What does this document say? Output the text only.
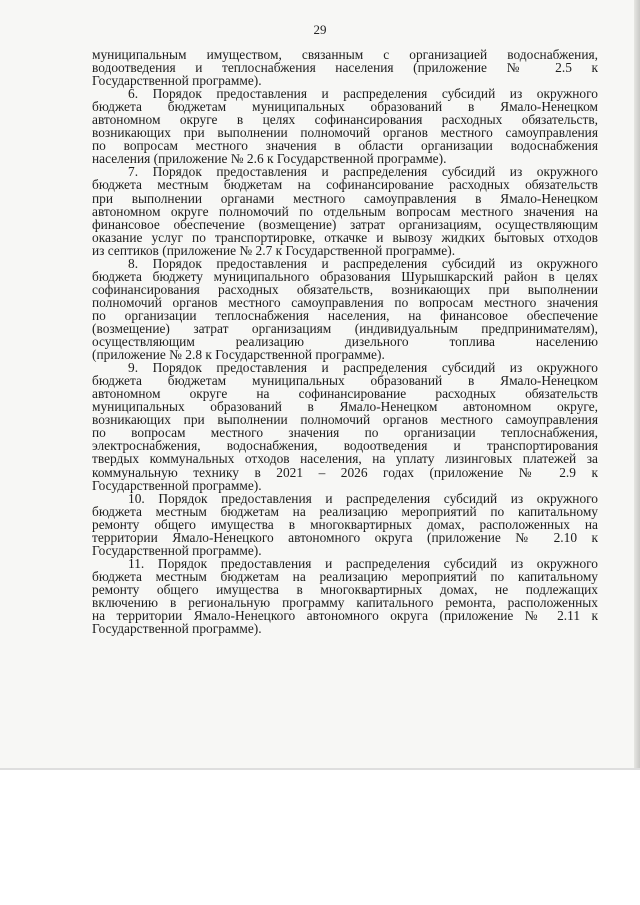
29
муниципальным имуществом, связанным с организацией водоснабжения,
водоотведения и теплоснабжения населения (приложение № 2.5 к
Государственной программе).
6. Порядок предоставления и распределения субсидий из окружного
бюджета бюджетам муниципальных образований в Ямало-Ненецком
автономном округе в целях софинансирования расходных обязательств,
возникающих при выполнении полномочий органов местного самоуправления
по вопросам местного значения в области организации водоснабжения
населения (приложение № 2.6 к Государственной программе).
7. Порядок предоставления и распределения субсидий из окружного
бюджета местным бюджетам на софинансирование расходных обязательств
при выполнении органами местного самоуправления в Ямало-Ненецком
автономном округе полномочий по отдельным вопросам местного значения на
финансовое обеспечение (возмещение) затрат организациям, осуществляющим
оказание услуг по транспортировке, откачке и вывозу жидких бытовых отходов
из септиков (приложение № 2.7 к Государственной программе).
8. Порядок предоставления и распределения субсидий из окружного
бюджета бюджету муниципального образования Шурышкарский район в целях
софинансирования расходных обязательств, возникающих при выполнении
полномочий органов местного самоуправления по вопросам местного значения
по организации теплоснабжения населения, на финансовое обеспечение
(возмещение) затрат организациям (индивидуальным предпринимателям),
осуществляющим реализацию дизельного топлива населению
(приложение № 2.8 к Государственной программе).
9. Порядок предоставления и распределения субсидий из окружного
бюджета бюджетам муниципальных образований в Ямало-Ненецком
автономном округе на софинансирование расходных обязательств
муниципальных образований в Ямало-Ненецком автономном округе,
возникающих при выполнении полномочий органов местного самоуправления
по вопросам местного значения по организации теплоснабжения,
электроснабжения, водоснабжения, водоотведения и транспортирования
твердых коммунальных отходов населения, на уплату лизинговых платежей за
коммунальную технику в 2021 – 2026 годах (приложение № 2.9 к
Государственной программе).
10. Порядок предоставления и распределения субсидий из окружного
бюджета местным бюджетам на реализацию мероприятий по капитальному
ремонту общего имущества в многоквартирных домах, расположенных на
территории Ямало-Ненецкого автономного округа (приложение № 2.10 к
Государственной программе).
11. Порядок предоставления и распределения субсидий из окружного
бюджета местным бюджетам на реализацию мероприятий по капитальному
ремонту общего имущества в многоквартирных домах, не подлежащих
включению в региональную программу капитального ремонта, расположенных
на территории Ямало-Ненецкого автономного округа (приложение № 2.11 к
Государственной программе).
